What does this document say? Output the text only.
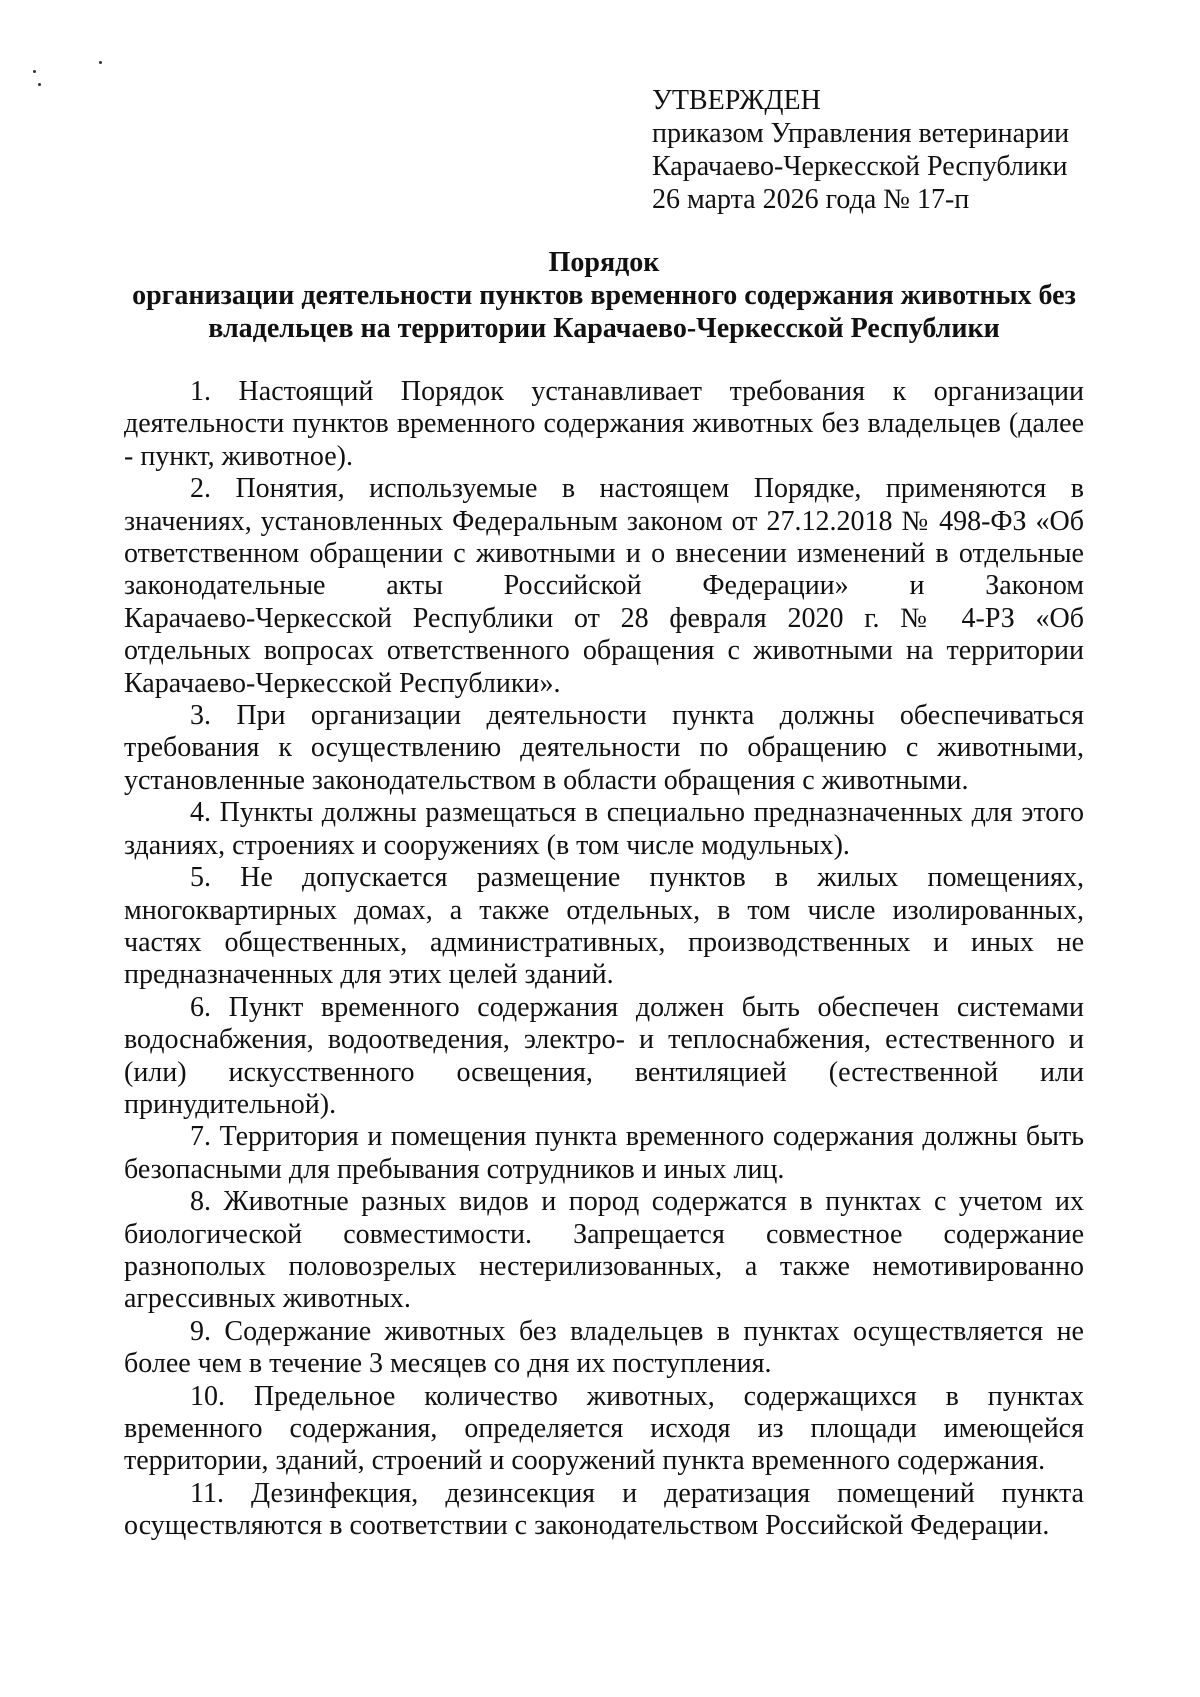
УТВЕРЖДЕН
приказом Управления ветеринарии
Карачаево-Черкесской Республики
26 марта 2026 года № 17-п
Порядок
организации деятельности пунктов временного содержания животных без
владельцев на территории Карачаево-Черкесской Республики
1. Настоящий Порядок устанавливает требования к организации
деятельности пунктов временного содержания животных без владельцев (далее
- пункт, животное).
2. Понятия, используемые в настоящем Порядке, применяются в
значениях, установленных Федеральным законом от 27.12.2018 № 498-ФЗ «Об
ответственном обращении с животными и о внесении изменений в отдельные
законодательные акты Российской Федерации» и Законом
Карачаево-Черкесской Республики от 28 февраля 2020 г. № 4-РЗ «Об
отдельных вопросах ответственного обращения с животными на территории
Карачаево-Черкесской Республики».
3. При организации деятельности пункта должны обеспечиваться
требования к осуществлению деятельности по обращению с животными,
установленные законодательством в области обращения с животными.
4. Пункты должны размещаться в специально предназначенных для этого
зданиях, строениях и сооружениях (в том числе модульных).
5. Не допускается размещение пунктов в жилых помещениях,
многоквартирных домах, а также отдельных, в том числе изолированных,
частях общественных, административных, производственных и иных не
предназначенных для этих целей зданий.
6. Пункт временного содержания должен быть обеспечен системами
водоснабжения, водоотведения, электро- и теплоснабжения, естественного и
(или) искусственного освещения, вентиляцией (естественной или
принудительной).
7. Территория и помещения пункта временного содержания должны быть
безопасными для пребывания сотрудников и иных лиц.
8. Животные разных видов и пород содержатся в пунктах с учетом их
биологической совместимости. Запрещается совместное содержание
разнополых половозрелых нестерилизованных, а также немотивированно
агрессивных животных.
9. Содержание животных без владельцев в пунктах осуществляется не
более чем в течение 3 месяцев со дня их поступления.
10. Предельное количество животных, содержащихся в пунктах
временного содержания, определяется исходя из площади имеющейся
территории, зданий, строений и сооружений пункта временного содержания.
11. Дезинфекция, дезинсекция и дератизация помещений пункта
осуществляются в соответствии с законодательством Российской Федерации.
